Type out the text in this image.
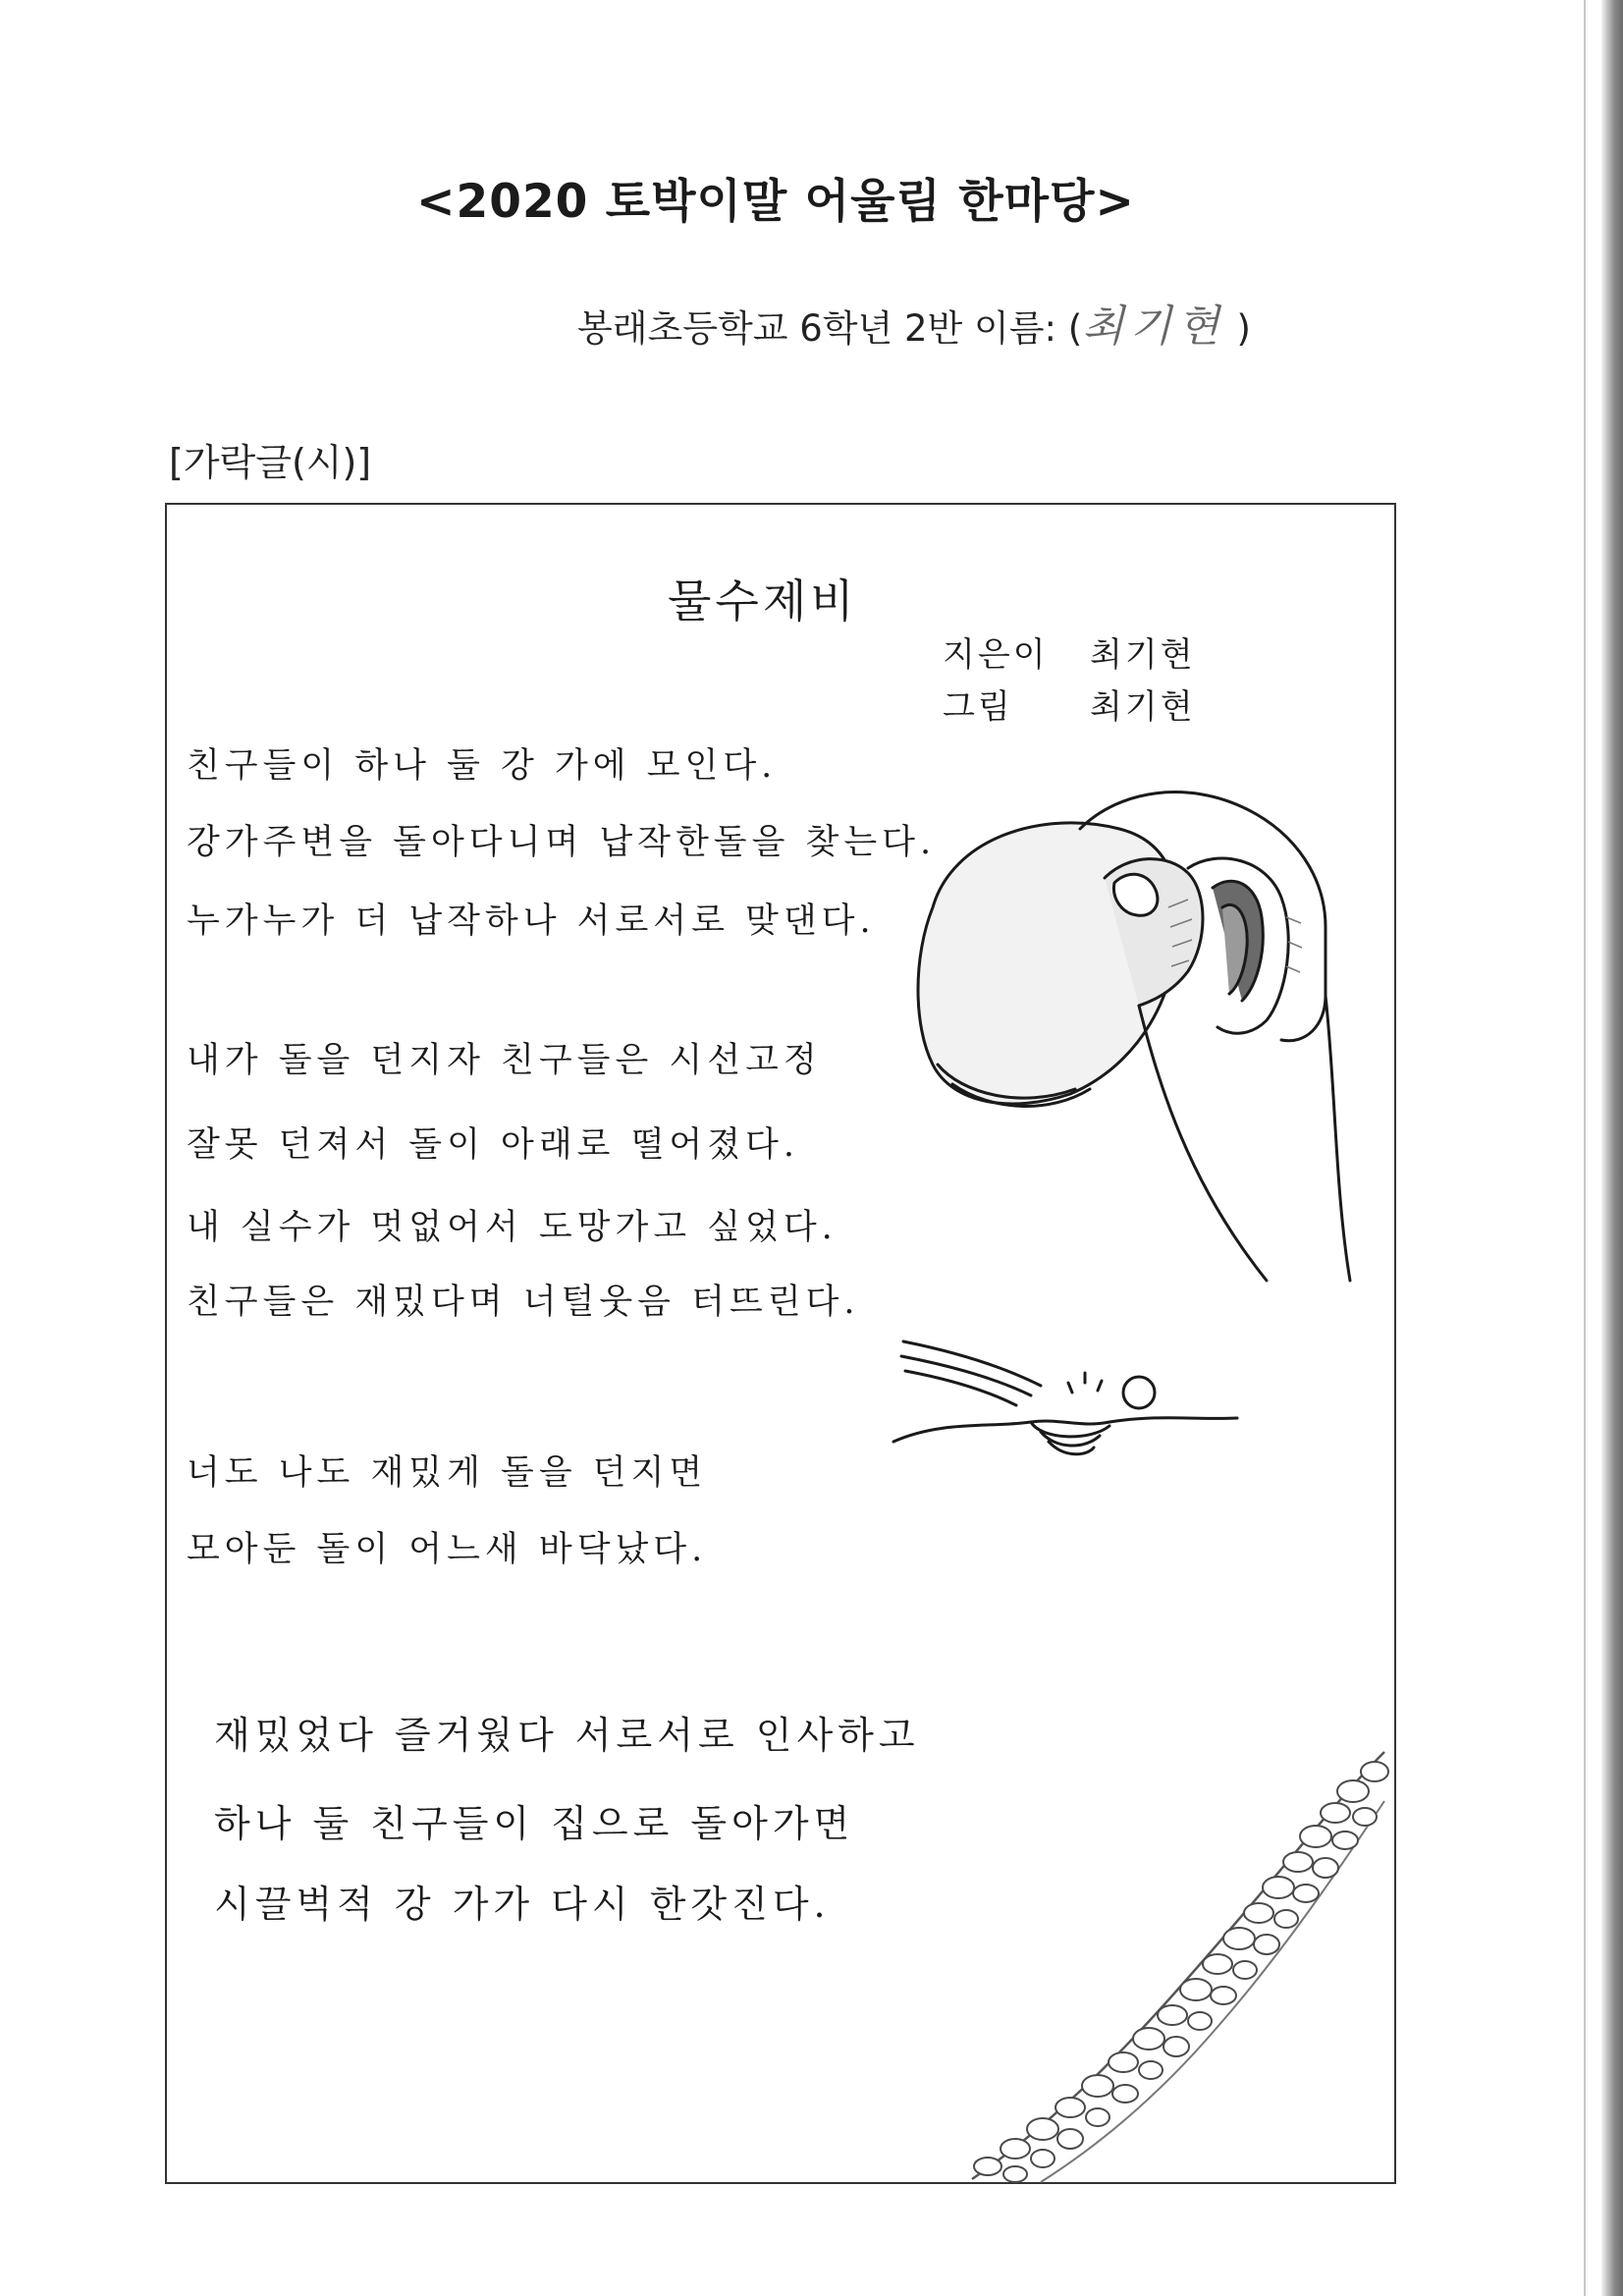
<2020 토박이말 어울림 한마당>
봉래초등학교 6학년 2반 이름: (최기현 )
[가락글(시)]
물수제비
지은이 최기현
그림 최기현
친구들이 하나 둘 강 가에 모인다.
강가주변을 돌아다니며 납작한돌을 찾는다.
누가누가 더 납작하나 서로서로 맞댄다.
내가 돌을 던지자 친구들은 시선고정
잘못 던져서 돌이 아래로 떨어졌다.
내 실수가 멋없어서 도망가고 싶었다.
친구들은 재밌다며 너털웃음 터뜨린다.
너도 나도 재밌게 돌을 던지면
모아둔 돌이 어느새 바닥났다.
재밌었다 즐거웠다 서로서로 인사하고
하나 둘 친구들이 집으로 돌아가면
시끌벅적 강 가가 다시 한갓진다.
